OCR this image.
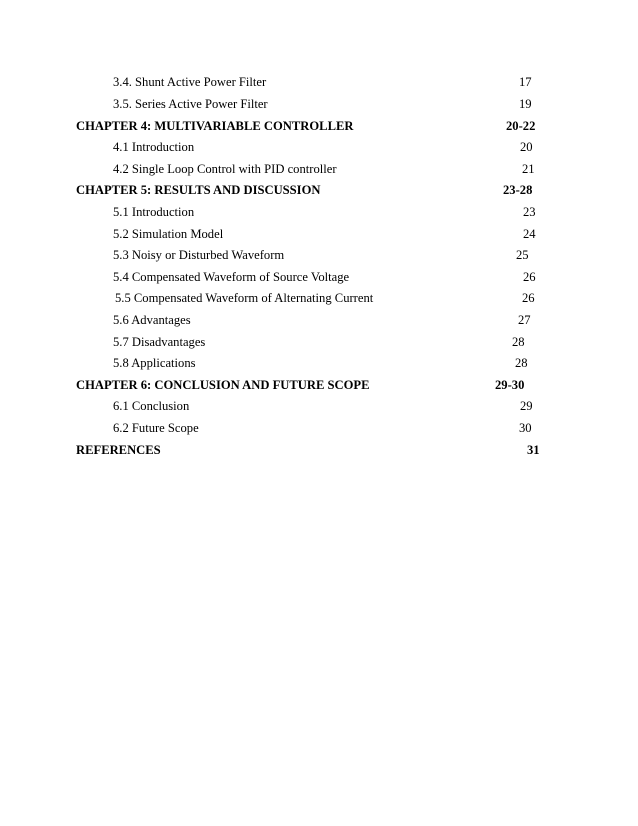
3.4. Shunt Active Power Filter	17
3.5. Series Active Power Filter	19
CHAPTER 4: MULTIVARIABLE CONTROLLER	20-22
4.1 Introduction	20
4.2 Single Loop Control with PID controller	21
CHAPTER 5: RESULTS AND DISCUSSION	23-28
5.1 Introduction	23
5.2 Simulation Model	24
5.3 Noisy or Disturbed Waveform	25
5.4 Compensated Waveform of Source Voltage	26
5.5 Compensated Waveform of Alternating Current	26
5.6 Advantages	27
5.7 Disadvantages	28
5.8 Applications	28
CHAPTER 6: CONCLUSION AND FUTURE SCOPE	29-30
6.1 Conclusion	29
6.2 Future Scope	30
REFERENCES	31
